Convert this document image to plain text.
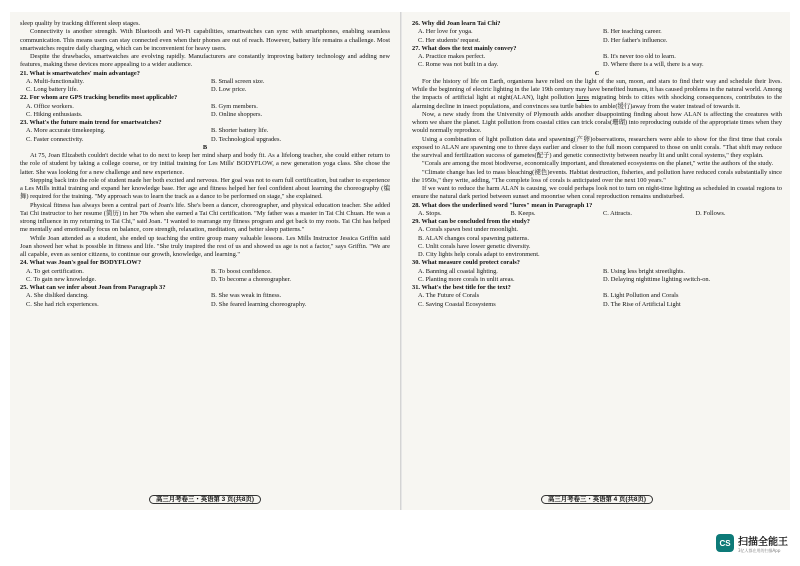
sleep quality by tracking different sleep stages.

Connectivity is another strength. With Bluetooth and Wi-Fi capabilities, smartwatches can sync with smartphones, enabling seamless communication. This means users can stay connected even when their phones are out of reach. However, battery life remains a challenge. Most smartwatches require daily charging, which can be inconvenient for heavy users.

Despite the drawbacks, smartwatches are evolving rapidly. Manufacturers are constantly improving battery technology and adding new features, making these devices more appealing to a wider audience.

21. What is smartwatches' main advantage?

A. Multi-functionality.	B. Small screen size.
C. Long battery life.	D. Low price.

22. For whom are GPS tracking benefits most applicable?

A. Office workers.	B. Gym members.
C. Hiking enthusiasts.	D. Online shoppers.

23. What's the future main trend for smartwatches?

A. More accurate timekeeping.	B. Shorter battery life.
C. Faster connectivity.	D. Technological upgrades.

B

At 75, Joan Elizabeth couldn't decide what to do next to keep her mind sharp and body fit. As a lifelong teacher, she could either return to the role of student by taking a college course, or try initial training for Les Mills' BODYFLOW, a new generation yoga class. She chose the latter. She was looking for a new challenge and new experience.

Stepping back into the role of student made her both excited and nervous. Her goal was not to earn full certification, but rather to experience a Les Mills initial training and expand her knowledge base. Her age and fitness helped her feel confident about learning the choreography (编舞) required for the training. "My approach was to learn the track as a dance to be performed on stage," she explained.

Physical fitness has always been a central part of Joan's life. She's been a dancer, choreographer, and physical education teacher. She added Tai Chi instructor to her resume (简历) in her 70s when she earned a Tai Chi certification. "My father was a master in Tai Chi Chuan. He was a strong influence in my returning to Tai Chi," said Joan. "I wanted to rearrange my fitness program and get back to my roots. Tai Chi has helped me mentally and emotionally focus on balance, core strength, relaxation, meditation, and better sleep patterns."

While Joan attended as a student, she ended up teaching the entire group many valuable lessons. Les Mills Instructor Jessica Griffin said Joan showed her what is possible in fitness and life. "She truly inspired the rest of us and showed us age is not a factor," says Griffin. "We are all capable, even as senior citizens, to continue our growth, knowledge, and learning."

24. What was Joan's goal for BODYFLOW?

A. To get certification.	B. To boost confidence.
C. To gain new knowledge.	D. To become a choreographer.

25. What can we infer about Joan from Paragraph 3?

A. She disliked dancing.	B. She was weak in fitness.
C. She had rich experiences.	D. She feared learning choreography.
高三月考卷三・英语第 3 页(共8页)

26. Why did Joan learn Tai Chi?

A. Her love for yoga.	B. Her teaching career.
C. Her students' request.	D. Her father's influence.

27. What does the text mainly convey?

A. Practice makes perfect.	B. It's never too old to learn.
C. Rome was not built in a day.	D. Where there is a will, there is a way.

C

For the history of life on Earth, organisms have relied on the light of the sun, moon, and stars to find their way and schedule their lives. While the beginning of electric lighting in the late 19th century may have benefited humans, it has caused problems in the natural world. Among the impacts of artificial light at night(ALAN), light pollution lures migrating birds to cities with shocking consequences, contributes to the alarming decline in insect populations, and convinces sea turtle babies to amble(缓行)away from the water instead of towards it.

Now, a new study from the University of Plymouth adds another disappointing finding about how ALAN is affecting the creatures with whom we share the planet. Light pollution from coastal cities can trick corals(珊瑚) into reproducing outside of the appropriate times when they would normally reproduce.

Using a combination of light pollution data and spawning(产卵)observations, researchers were able to show for the first time that corals exposed to ALAN are spawning one to three days earlier and closer to the full moon compared to those on unlit corals. "That shift may reduce the survival and fertilization success of gametes(配子) and genetic connectivity between nearby lit and unlit coral systems," they explain.

"Corals are among the most biodiverse, economically important, and threatened ecosystems on the planet," write the authors of the study.

"Climate change has led to mass bleaching(褪色)events. Habitat destruction, fisheries, and pollution have reduced corals substantially since the 1950s," they write, adding, "The complete loss of corals is anticipated over the next 100 years."

If we want to reduce the harm ALAN is causing, we could perhaps look not to turn on night-time lighting as scheduled in coastal regions to ensure the natural dark period between sunset and moonrise when coral reproduction remains undisturbed.

28. What does the underlined word "lures" mean in Paragraph 1?

A. Stops.	B. Keeps.	C. Attracts.	D. Follows.

29. What can be concluded from the study?

A. Corals spawn best under moonlight.
B. ALAN changes coral spawning patterns.
C. Unlit corals have lower genetic diversity.
D. City lights help corals adapt to environment.

30. What measure could protect corals?

A. Banning all coastal lighting.	B. Using less bright streetlights.
C. Planting more corals in unlit areas.	D. Delaying nighttime lighting switch-on.

31. What's the best title for the text?

A. The Future of Corals	B. Light Pollution and Corals
C. Saving Coastal Ecosystems	D. The Rise of Artificial Light
高三月考卷三・英语第 4 页(共8页)
CS 扫描全能王
3亿人都在用的扫描App
